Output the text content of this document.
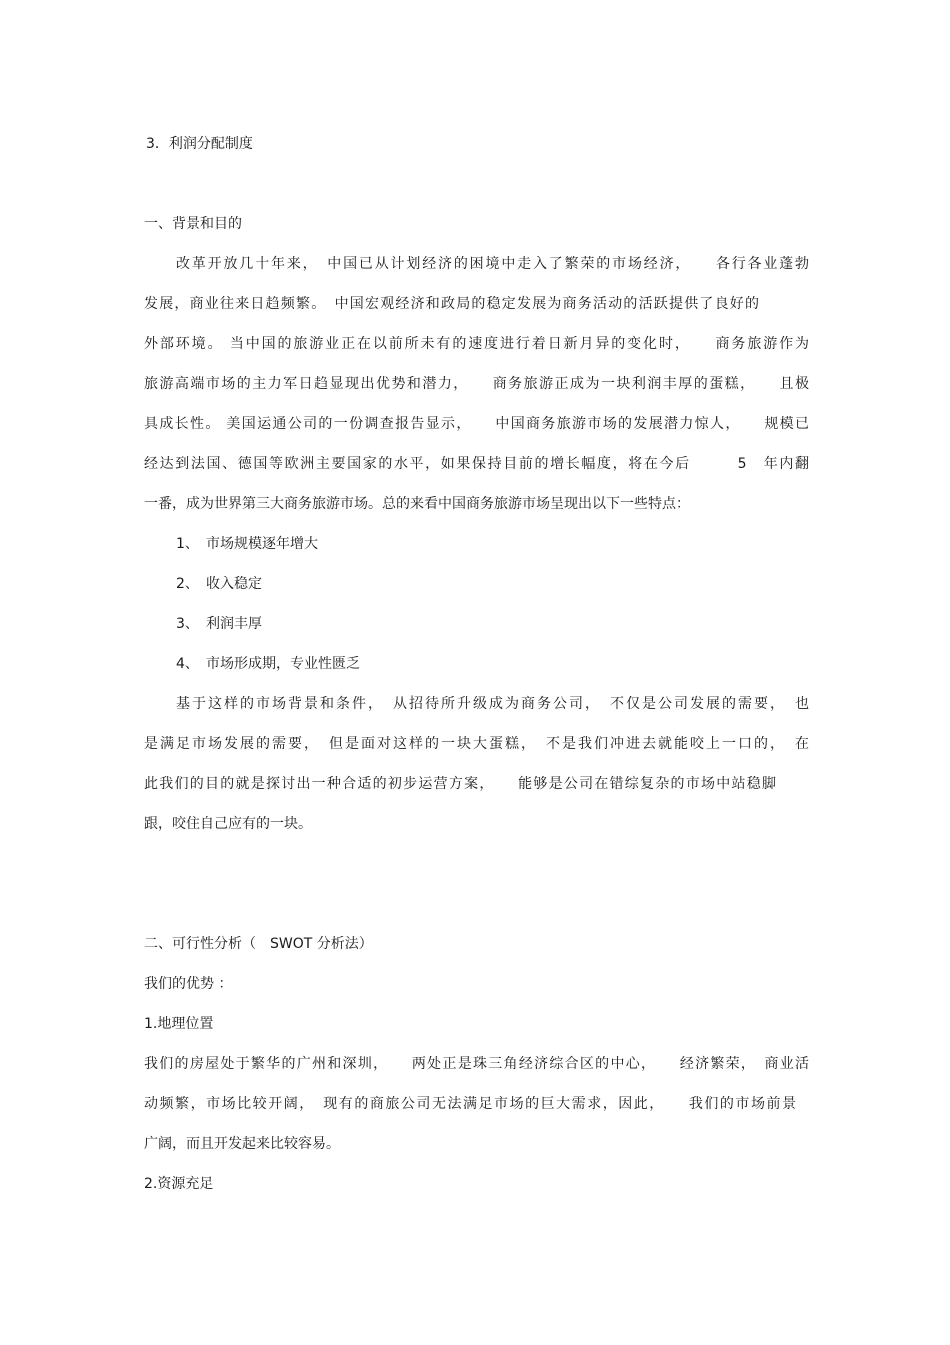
3．利润分配制度
一、背景和目的
改革开放几十年来，　中国已从计划经济的困境中走入了繁荣的市场经济，　　各行各业蓬勃
发展，商业往来日趋频繁。　中国宏观经济和政局的稳定发展为商务活动的活跃提供了良好的
外部环境。 当中国的旅游业正在以前所未有的速度进行着日新月异的变化时，　　商务旅游作为
旅游高端市场的主力军日趋显现出优势和潜力，　　商务旅游正成为一块利润丰厚的蛋糕，　　且极
具成长性。 美国运通公司的一份调查报告显示，　　中国商务旅游市场的发展潜力惊人，　　规模已
经达到法国、德国等欧洲主要国家的水平，如果保持目前的增长幅度，将在今后　　　5　年内翻
一番，成为世界第三大商务旅游市场。总的来看中国商务旅游市场呈现出以下一些特点：
1、 市场规模逐年增大
2、 收入稳定
3、 利润丰厚
4、 市场形成期，专业性匮乏
基于这样的市场背景和条件，　从招待所升级成为商务公司，　不仅是公司发展的需要，　也
是满足市场发展的需要，　但是面对这样的一块大蛋糕，　不是我们冲进去就能咬上一口的，　在
此我们的目的就是探讨出一种合适的初步运营方案，　　能够是公司在错综复杂的市场中站稳脚
跟，咬住自己应有的一块。
二、可行性分析（　SWOT 分析法）
我们的优势 ：
1.地理位置
我们的房屋处于繁华的广州和深圳，　　两处正是珠三角经济综合区的中心，　　经济繁荣，　商业活
动频繁，市场比较开阔，　现有的商旅公司无法满足市场的巨大需求，因此，　　我们的市场前景
广阔，而且开发起来比较容易。
2.资源充足
